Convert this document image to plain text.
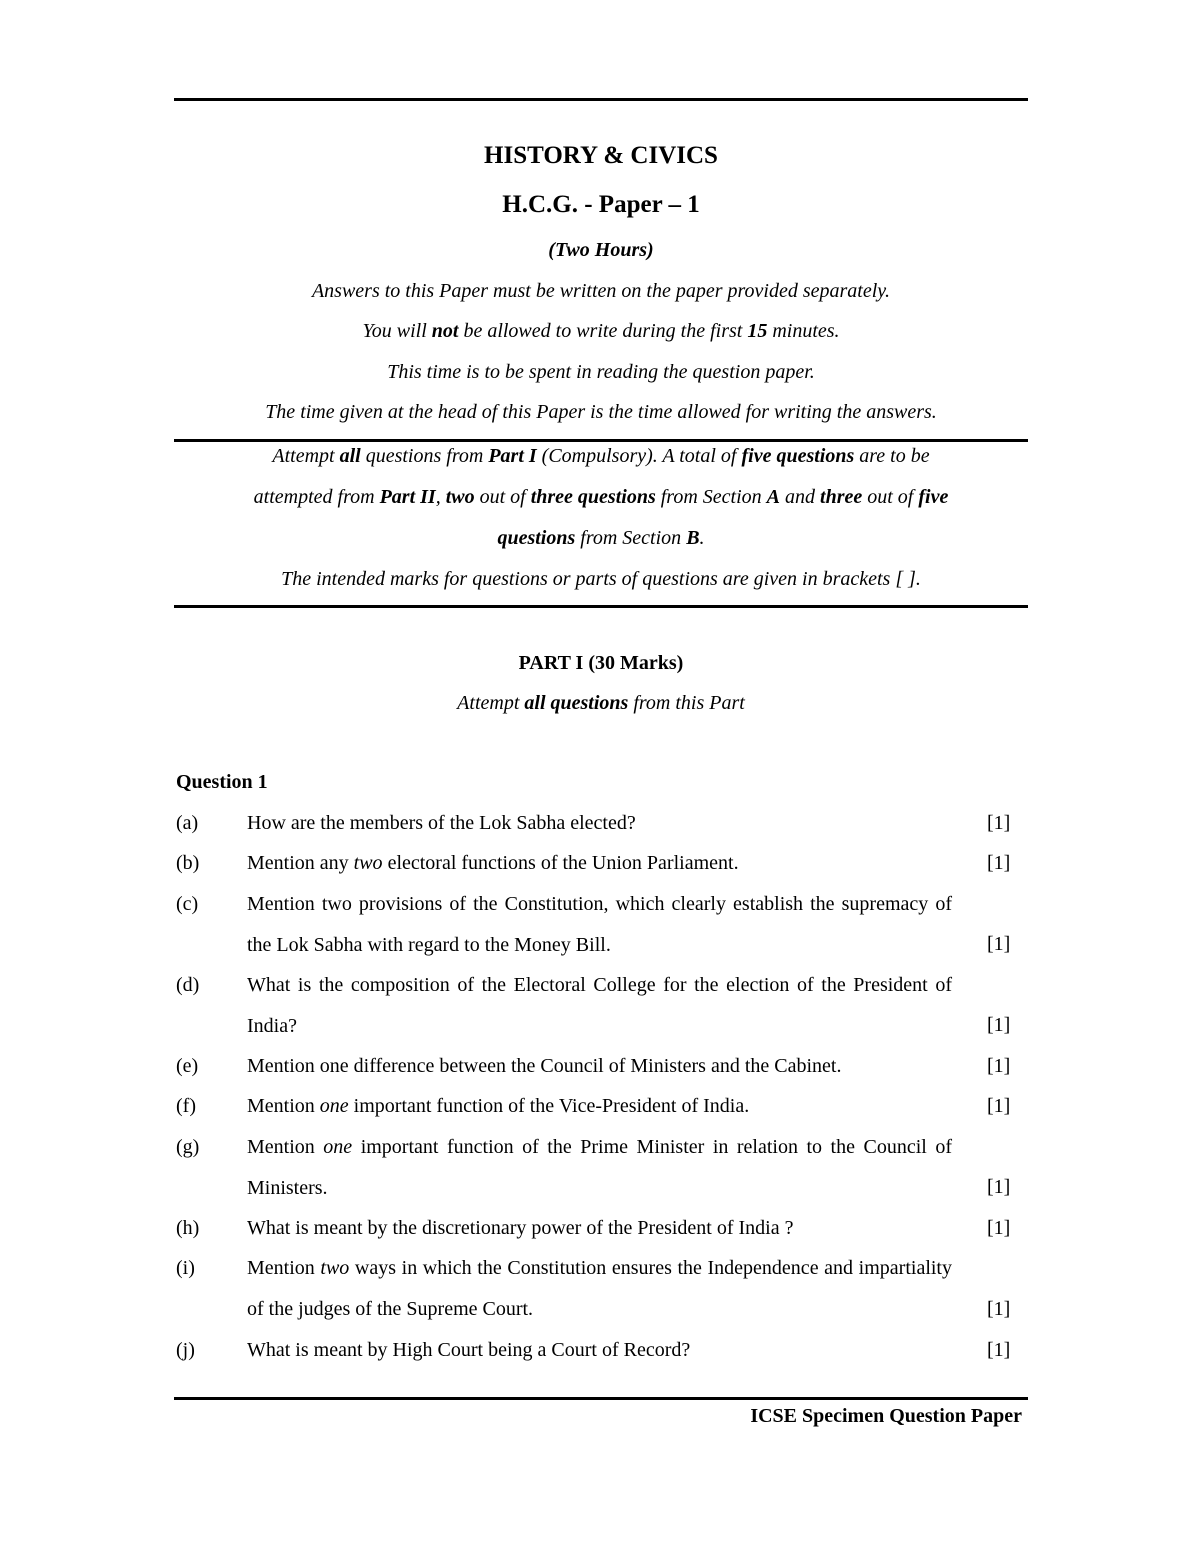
HISTORY & CIVICS
H.C.G. - Paper – 1
(Two Hours)
Answers to this Paper must be written on the paper provided separately.
You will not be allowed to write during the first 15 minutes.
This time is to be spent in reading the question paper.
The time given at the head of this Paper is the time allowed for writing the answers.
Attempt all questions from Part I (Compulsory). A total of five questions are to be
attempted from Part II, two out of three questions from Section A and three out of five
questions from Section B.
The intended marks for questions or parts of questions are given in brackets [ ].
PART I (30 Marks)
Attempt all questions from this Part
Question 1
(a) How are the members of the Lok Sabha elected?	[1]
(b) Mention any two electoral functions of the Union Parliament.	[1]
(c) Mention two provisions of the Constitution, which clearly establish the supremacy of the Lok Sabha with regard to the Money Bill.	[1]
(d) What is the composition of the Electoral College for the election of the President of India?	[1]
(e) Mention one difference between the Council of Ministers and the Cabinet.	[1]
(f)	Mention one important function of the Vice-President of India.	[1]
(g) Mention one important function of the Prime Minister in relation to the Council of Ministers.	[1]
(h) What is meant by the discretionary power of the President of India ?	[1]
(i)	Mention two ways in which the Constitution ensures the Independence and impartiality of the judges of the Supreme Court.	[1]
(j)	What is meant by High Court being a Court of Record?	[1]
ICSE Specimen Question Paper
